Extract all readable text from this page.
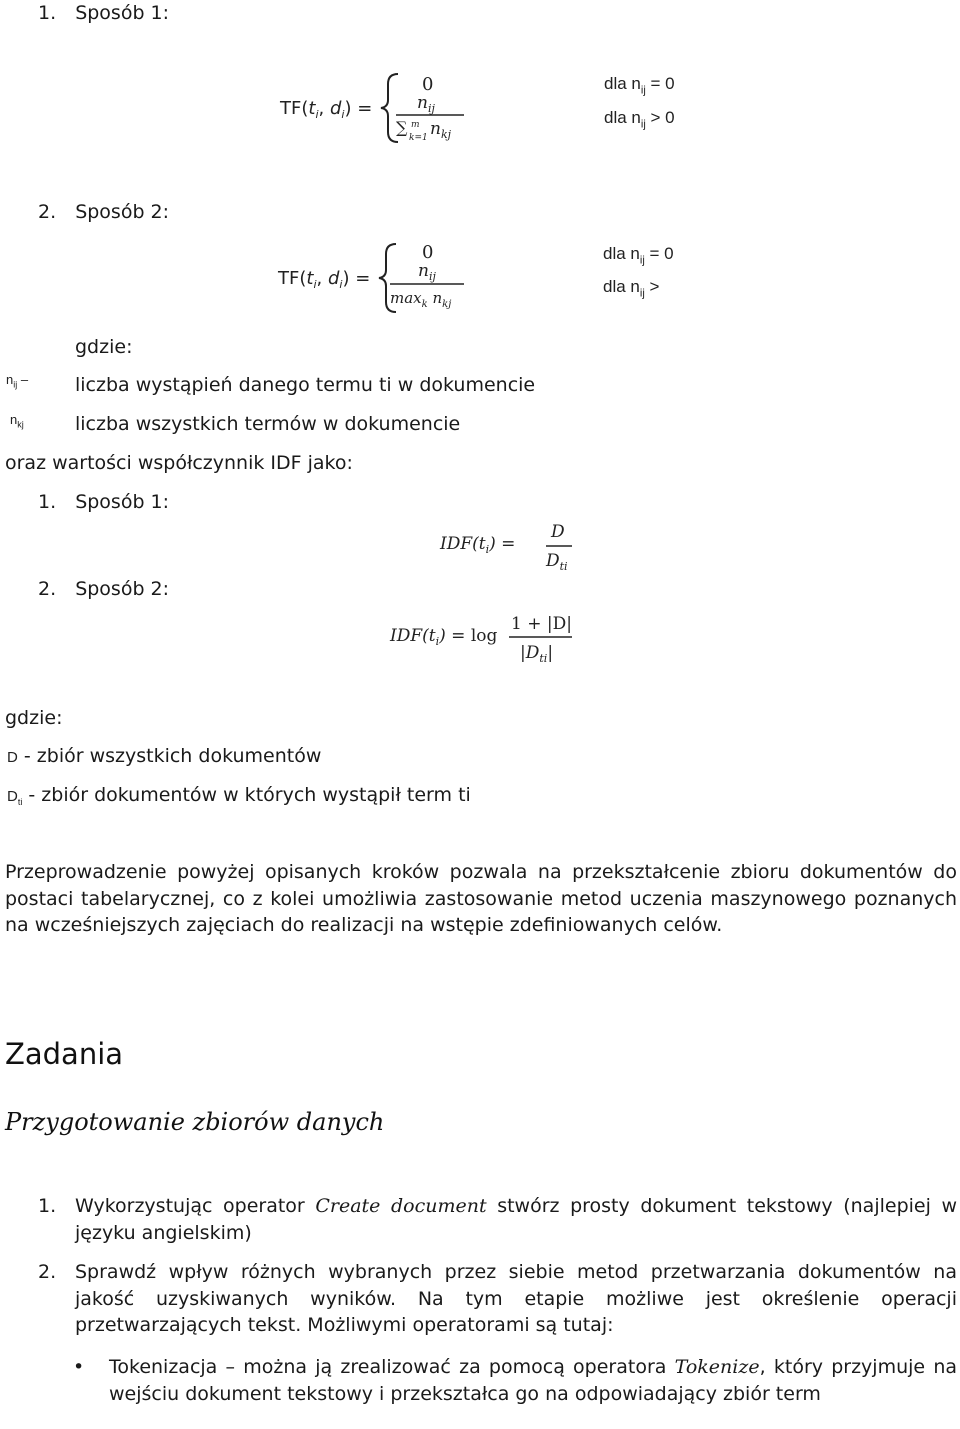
1. Sposób 1:
$TF(t_i$, $d_i$) =
0
$n_{ij}$
∑ m
k=1 $n_{kj}$
dla $n_{ij} = 0$
dla $n_{ij} > 0$
2. Sposób 2:
$TF(t_i$, $d_i$) =
0
$n_{ij}$
$\max_k n_{kj}$
dla $n_{ij} = 0$
dla $n_{ij}$ >
gdzie:
$n_{ij}$ – liczba wystąpień danego termu ti w dokumencie
$n_{kj}$	liczba wszystkich termów w dokumencie
oraz wartości współczynnik IDF jako:
1. Sposób 1:
$IDF(t_i)$ =
D
$D_{ti}$
2. Sposób 2:
$IDF(t_i) = \log$
1 + |D|
$|D_{ti}|$
gdzie:
D - zbiór wszystkich dokumentów
$D_{ti}$ - zbiór dokumentów w których wystąpił term ti
Przeprowadzenie powyżej opisanych kroków pozwala na przekształcenie zbioru dokumentów do postaci tabelarycznej, co z kolei umożliwia zastosowanie metod uczenia maszynowego poznanych na wcześniejszych zajęciach do realizacji na wstępie zdefiniowanych celów.
Zadania
Przygotowanie zbiorów danych
1. Wykorzystując operator Create document stwórz prosty dokument tekstowy (najlepiej w języku angielskim)
2. Sprawdź wpływ różnych wybranych przez siebie metod przetwarzania dokumentów na jakość uzyskiwanych wyników. Na tym etapie możliwe jest określenie operacji przetwarzających tekst. Możliwymi operatorami są tutaj:
• Tokenizacja – można ją zrealizować za pomocą operatora Tokenize, który przyjmuje na wejściu dokument tekstowy i przekształca go na odpowiadający zbiór term
